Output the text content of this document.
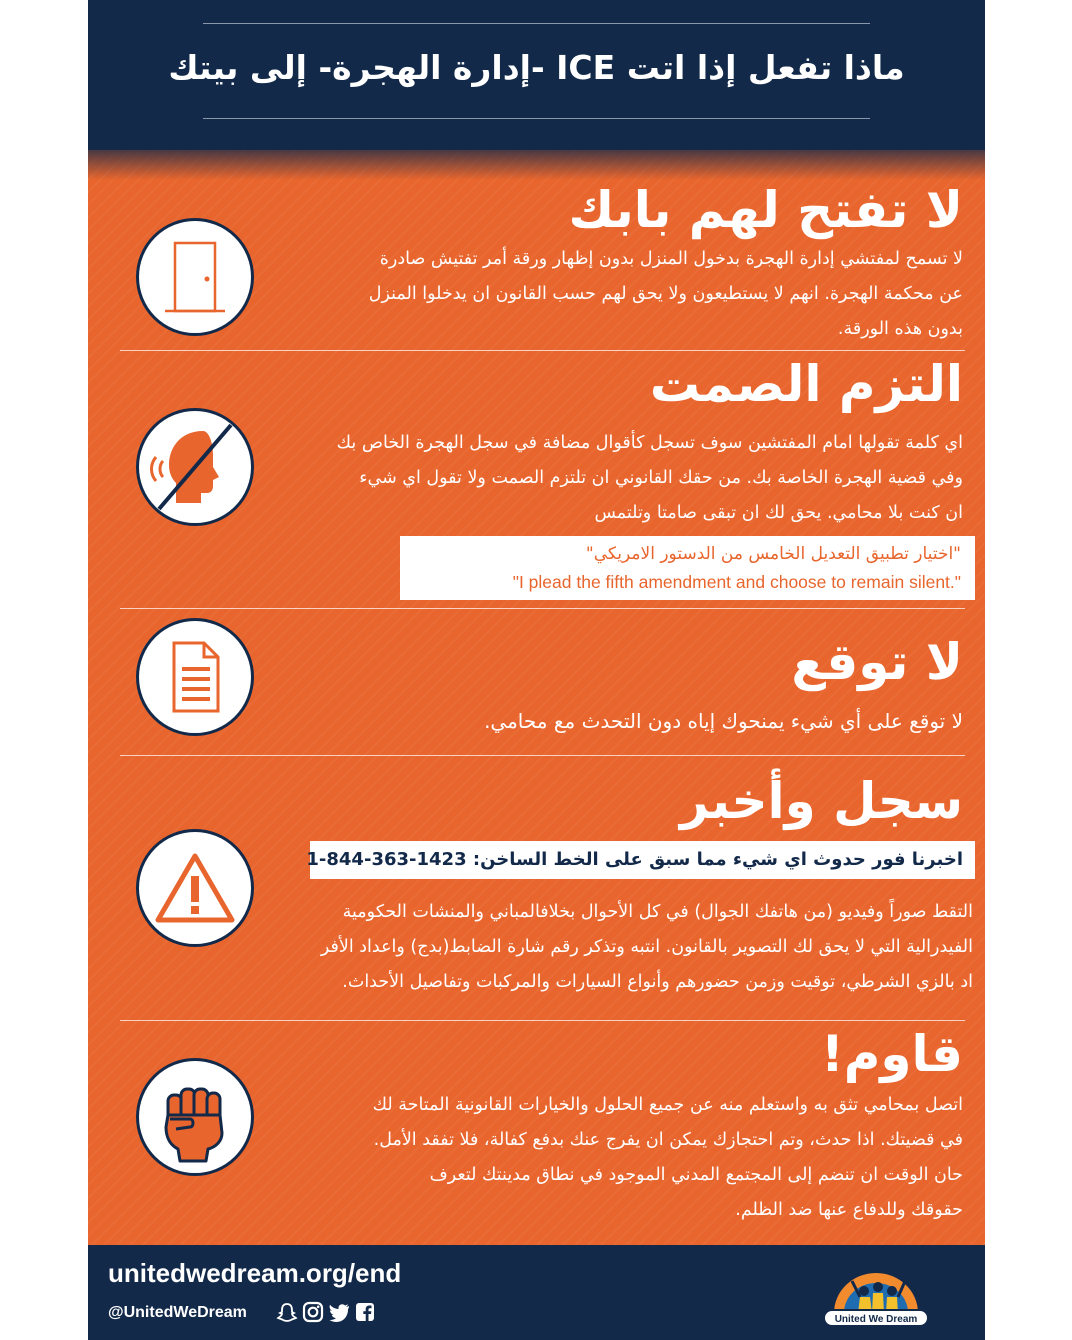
ماذا تفعل إذا اتت ICE -إدارة الهجرة- إلى بيتك
لا تفتح لهم بابك
لا تسمح لمفتشي إدارة الهجرة بدخول المنزل بدون إظهار ورقة أمر تفتيش صادرة
عن محكمة الهجرة. انهم لا يستطيعون ولا يحق لهم حسب القانون ان يدخلوا المنزل
بدون هذه الورقة.
التزم الصمت
اي كلمة تقولها امام المفتشين سوف تسجل كأقوال مضافة في سجل الهجرة الخاص بك
وفي قضية الهجرة الخاصة بك. من حقك القانوني ان تلتزم الصمت ولا تقول اي شيء
ان كنت بلا محامي. يحق لك ان تبقى صامتا وتلتمس
"اختيار تطبيق التعديل الخامس من الدستور الامريكي"
"I plead the fifth amendment and choose to remain silent."
لا توقع
لا توقع على أي شيء يمنحوك إياه دون التحدث مع محامي.
سجل وأخبر
اخبرنا فور حدوث اي شيء مما سبق على الخط الساخن: 1423-363-844-1
التقط صوراً وفيديو (من هاتفك الجوال) في كل الأحوال بخلافالمباني والمنشات الحكومية
الفيدرالية التي لا يحق لك التصوير بالقانون. انتبه وتذكر رقم شارة الضابط(بدج) واعداد الأفر
اد بالزي الشرطي، توقيت وزمن حضورهم وأنواع السيارات والمركبات وتفاصيل الأحداث.
قاوم!
اتصل بمحامي تثق به واستعلم منه عن جميع الحلول والخيارات القانونية المتاحة لك
في قضيتك. اذا حدث، وتم احتجازك يمكن ان يفرج عنك بدفع كفالة، فلا تفقد الأمل.
حان الوقت ان تنضم إلى المجتمع المدني الموجود في نطاق مدينتك لتعرف
حقوقك وللدفاع عنها ضد الظلم.
unitedwedream.org/end
@UnitedWeDream	United We Dream
